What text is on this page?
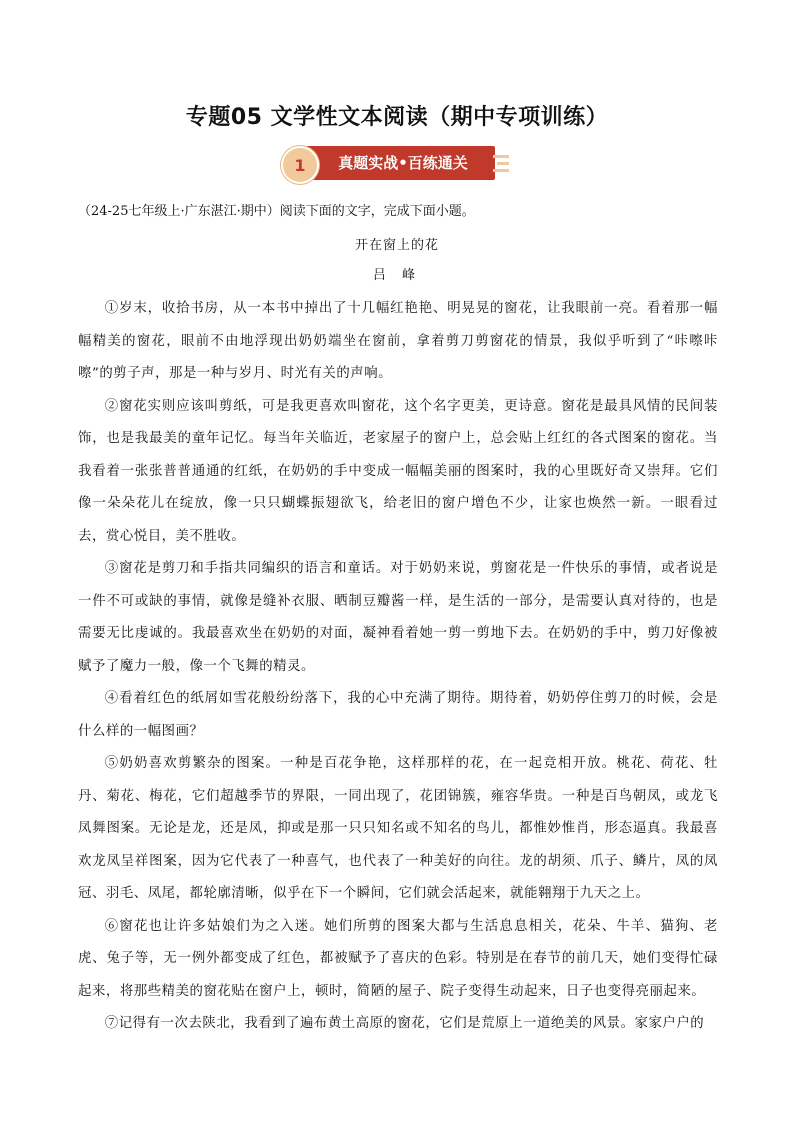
专题05 文学性文本阅读（期中专项训练）
1	真题实战•百练通关
（24-25七年级上·广东湛江·期中）阅读下面的文字，完成下面小题。
开在窗上的花
吕 峰

①岁末，收拾书房，从一本书中掉出了十几幅红艳艳、明晃晃的窗花，让我眼前一亮。看着那一幅幅精美的窗花，眼前不由地浮现出奶奶端坐在窗前，拿着剪刀剪窗花的情景，我似乎听到了“咔嚓咔嚓”的剪子声，那是一种与岁月、时光有关的声响。

②窗花实则应该叫剪纸，可是我更喜欢叫窗花，这个名字更美，更诗意。窗花是最具风情的民间装饰，也是我最美的童年记忆。每当年关临近，老家屋子的窗户上，总会贴上红红的各式图案的窗花。当我看着一张张普普通通的红纸，在奶奶的手中变成一幅幅美丽的图案时，我的心里既好奇又崇拜。它们像一朵朵花儿在绽放，像一只只蝴蝶振翅欲飞，给老旧的窗户增色不少，让家也焕然一新。一眼看过去，赏心悦目，美不胜收。

③窗花是剪刀和手指共同编织的语言和童话。对于奶奶来说，剪窗花是一件快乐的事情，或者说是一件不可或缺的事情，就像是缝补衣服、晒制豆瓣酱一样，是生活的一部分，是需要认真对待的，也是需要无比虔诚的。我最喜欢坐在奶奶的对面，凝神看着她一剪一剪地下去。在奶奶的手中，剪刀好像被赋予了魔力一般，像一个飞舞的精灵。

④看着红色的纸屑如雪花般纷纷落下，我的心中充满了期待。期待着，奶奶停住剪刀的时候，会是什么样的一幅图画？

⑤奶奶喜欢剪繁杂的图案。一种是百花争艳，这样那样的花，在一起竞相开放。桃花、荷花、牡丹、菊花、梅花，它们超越季节的界限，一同出现了，花团锦簇，雍容华贵。一种是百鸟朝凤，或龙飞凤舞图案。无论是龙，还是凤，抑或是那一只只知名或不知名的鸟儿，都惟妙惟肖，形态逼真。我最喜欢龙凤呈祥图案，因为它代表了一种喜气，也代表了一种美好的向往。龙的胡须、爪子、鳞片，凤的凤冠、羽毛、凤尾，都轮廓清晰，似乎在下一个瞬间，它们就会活起来，就能翱翔于九天之上。

⑥窗花也让许多姑娘们为之入迷。她们所剪的图案大都与生活息息相关，花朵、牛羊、猫狗、老虎、兔子等，无一例外都变成了红色，都被赋予了喜庆的色彩。特别是在春节的前几天，她们变得忙碌起来，将那些精美的窗花贴在窗户上，顿时，简陋的屋子、院子变得生动起来，日子也变得亮丽起来。

⑦记得有一次去陕北，我看到了遍布黄土高原的窗花，它们是荒原上一道绝美的风景。家家户户的
